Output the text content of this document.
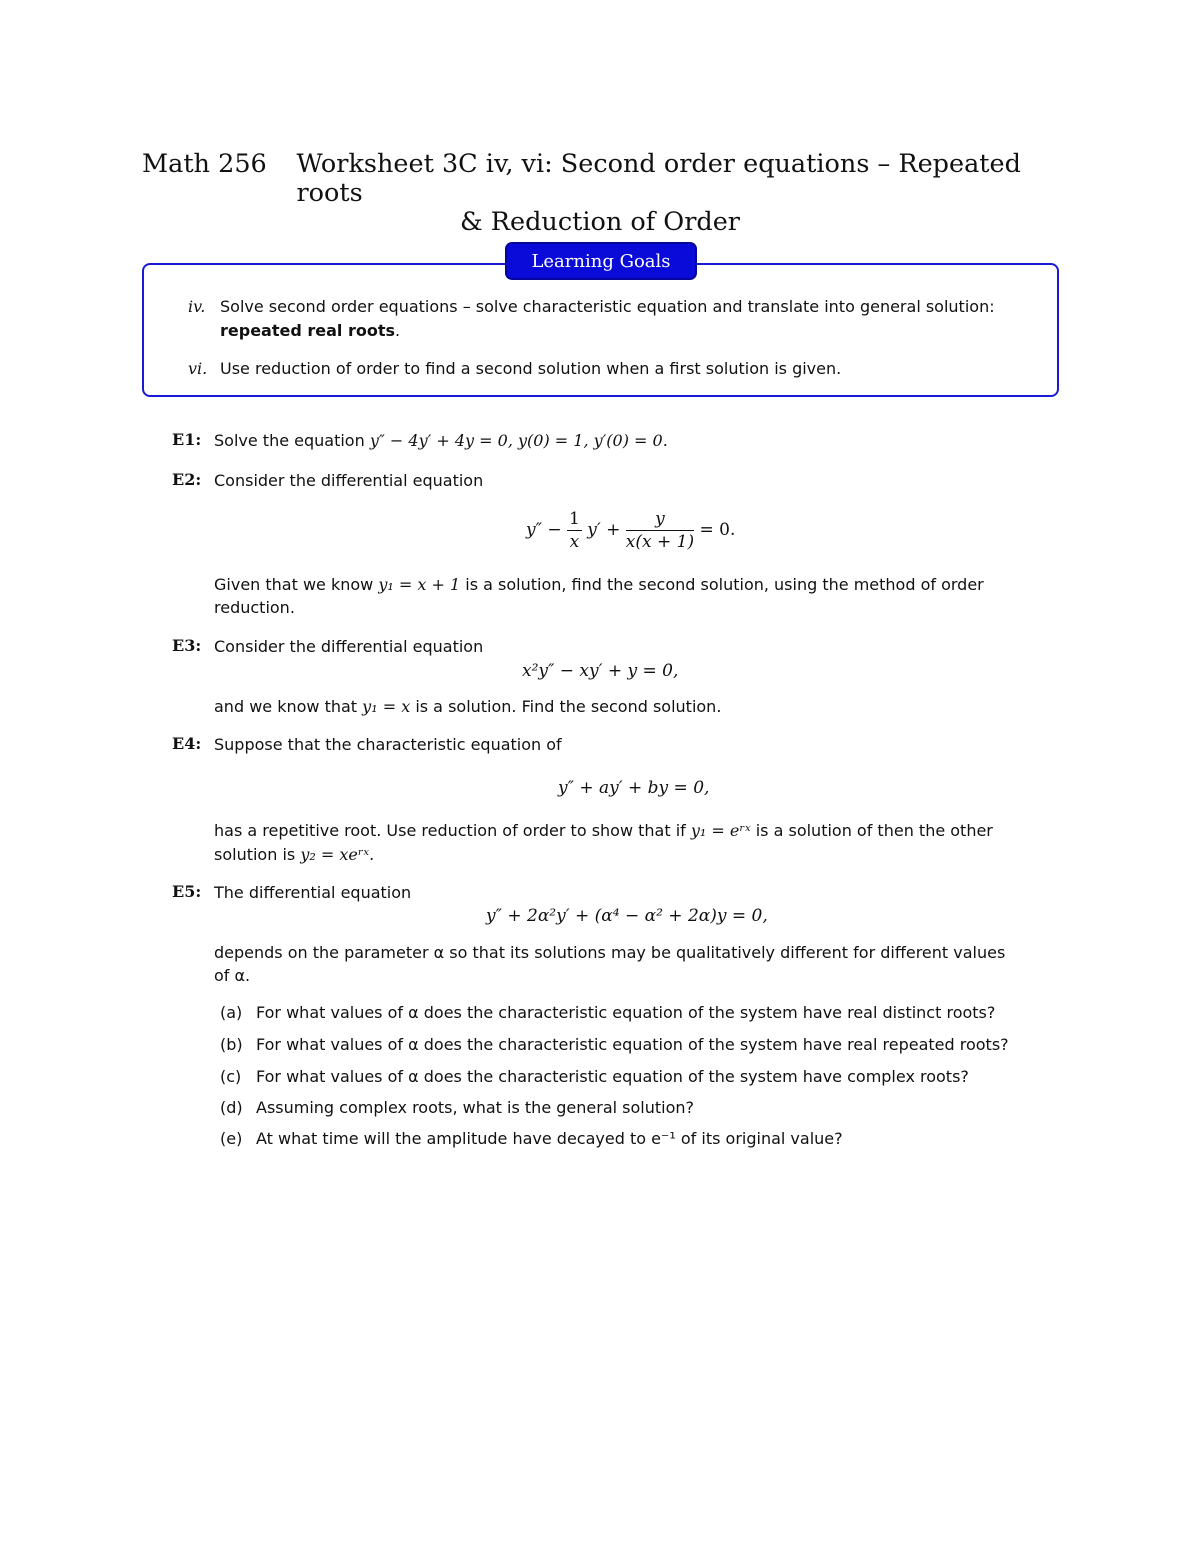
Math 256	Worksheet 3C iv, vi: Second order equations – Repeated roots
& Reduction of Order
Learning Goals
iv. Solve second order equations – solve characteristic equation and translate into general solution:
repeated real roots.
vi. Use reduction of order to find a second solution when a first solution is given.
E1: Solve the equation y″ − 4y′ + 4y = 0, y(0) = 1, y′(0) = 0.
E2: Consider the differential equation
$y'' - \frac{1}{x} y' + \frac{y}{x(x + 1)} = 0$.
Given that we know y₁ = x + 1 is a solution, find the second solution, using the method of order
reduction.
E3: Consider the differential equation
x²y″ − xy′ + y = 0,
and we know that y₁ = x is a solution. Find the second solution.
E4: Suppose that the characteristic equation of
y″ + ay′ + by = 0,
has a repetitive root. Use reduction of order to show that if y₁ = eʳˣ is a solution of then the other
solution is y₂ = xeʳˣ.
E5: The differential equation
y″ + 2α²y′ + (α⁴ − α² + 2α)y = 0,
depends on the parameter α so that its solutions may be qualitatively different for different values
of α.
(a) For what values of α does the characteristic equation of the system have real distinct roots?
(b) For what values of α does the characteristic equation of the system have real repeated roots?
(c) For what values of α does the characteristic equation of the system have complex roots?
(d) Assuming complex roots, what is the general solution?
(e) At what time will the amplitude have decayed to e⁻¹ of its original value?
